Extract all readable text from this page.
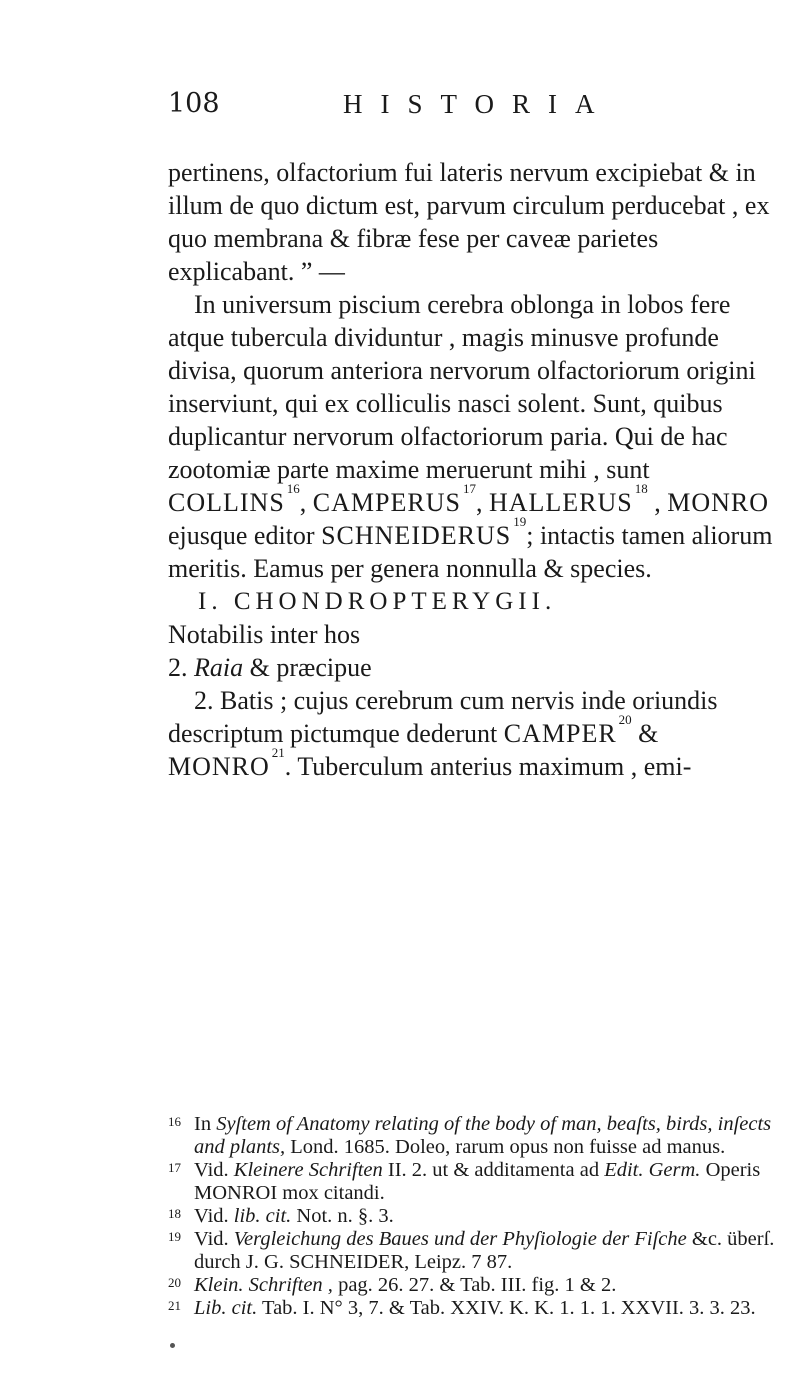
108	HISTORIA

pertinens, olfactorium fui lateris nervum excipiebat & in illum de quo dictum est, parvum circulum perducebat , ex quo membrana & fibræ fese per caveæ parietes explicabant. ” —

In universum piscium cerebra oblonga in lobos fere atque tubercula dividuntur , magis minusve profunde divisa, quorum anteriora nervorum olfactoriorum origini inserviunt, qui ex colliculis nasci solent. Sunt, quibus duplicantur nervorum olfactoriorum paria. Qui de hac zootomiæ parte maxime meruerunt mihi , sunt COLLINS $^{16}$, CAMPERUS $^{17}$, HALLERUS $^{18}$ , MONRO ejusque editor SCHNEIDERUS $^{19}$; intactis tamen aliorum meritis. Eamus per genera nonnulla & species.

I. CHONDROPTERYGII.

Notabilis inter hos

2. Raia & præcipue

2. Batis ; cujus cerebrum cum nervis inde oriundis descriptum pictumque dederunt CAMPER $^{20}$ & MONRO $^{21}$. Tuberculum anterius maximum , emi-

16 In Syſtem of Anatomy relating of the body of man, beaſts, birds, inſects and plants, Lond. 1685. Doleo, rarum opus non fuisse ad manus.
17 Vid. Kleinere Schriften II. 2. ut & additamenta ad Edit. Germ. Operis MONROI mox citandi.
18 Vid. lib. cit. Not. n. §. 3.
19 Vid. Vergleichung des Baues und der Phyſiologie der Fiſche &c. überſ. durch J. G. SCHNEIDER, Leipz. 7 87.
20 Klein. Schriften , pag. 26. 27. & Tab. III. fig. 1 & 2.
21 Lib. cit. Tab. I. N° 3, 7. & Tab. XXIV. K. K. 1. 1. 1. XXVII. 3. 3. 23.
